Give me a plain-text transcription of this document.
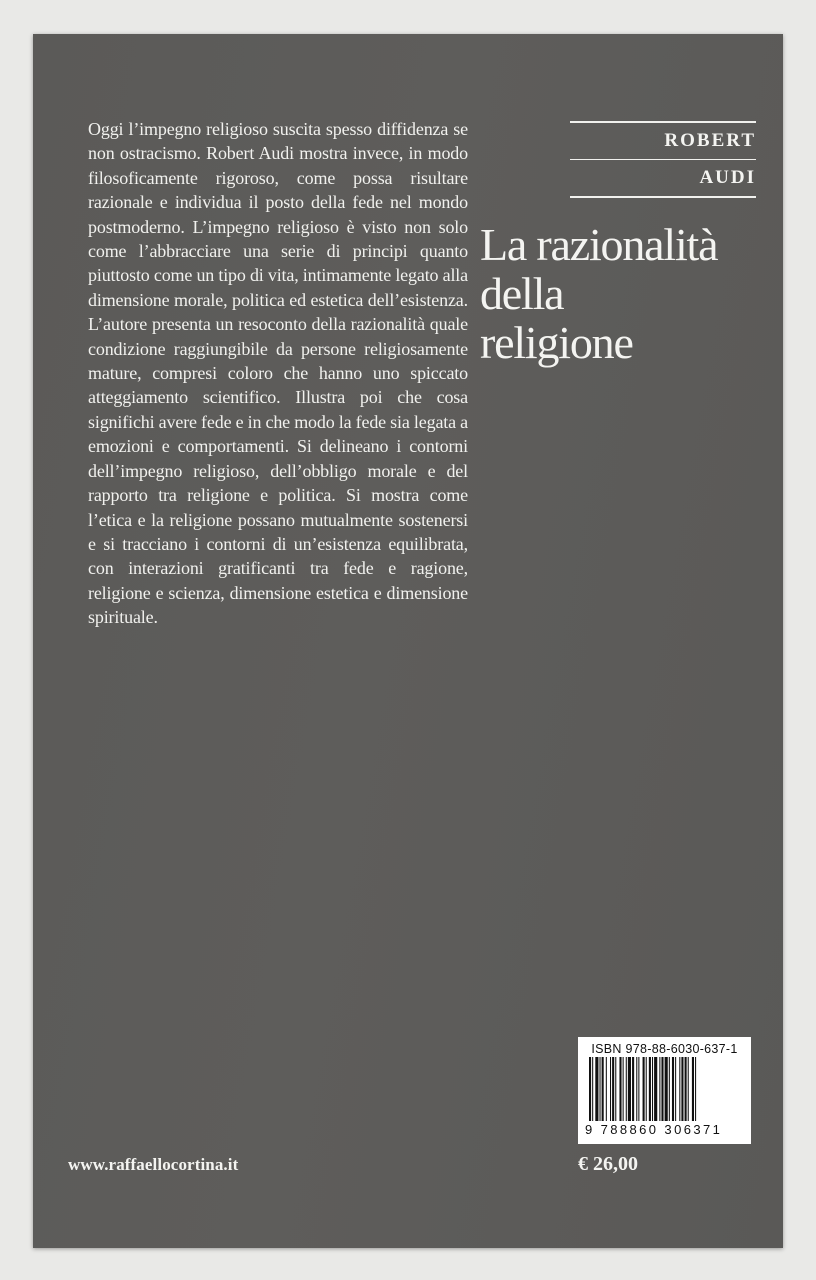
Oggi l’impegno religioso suscita spesso diffidenza se non ostracismo. Robert Audi mostra invece, in modo filosoficamente rigoroso, come possa risultare razionale e individua il posto della fede nel mondo postmoderno. L’impegno religioso è visto non solo come l’abbracciare una serie di principi quanto piuttosto come un tipo di vita, intimamente legato alla dimensione morale, politica ed estetica dell’esistenza. L’autore presenta un resoconto della razionalità quale condizione raggiungibile da persone religiosamente mature, compresi coloro che hanno uno spiccato atteggiamento scientifico. Illustra poi che cosa significhi avere fede e in che modo la fede sia legata a emozioni e comportamenti. Si delineano i contorni dell’impegno religioso, dell’obbligo morale e del rapporto tra religione e politica. Si mostra come l’etica e la religione possano mutualmente sostenersi e si tracciano i contorni di un’esistenza equilibrata, con interazioni gratificanti tra fede e ragione, religione e scienza, dimensione estetica e dimensione spirituale.

ROBERT
AUDI
La razionalità
della
religione
ISBN 978-88-6030-637-1
9 788860 306371
www.raffaellocortina.it	€ 26,00
